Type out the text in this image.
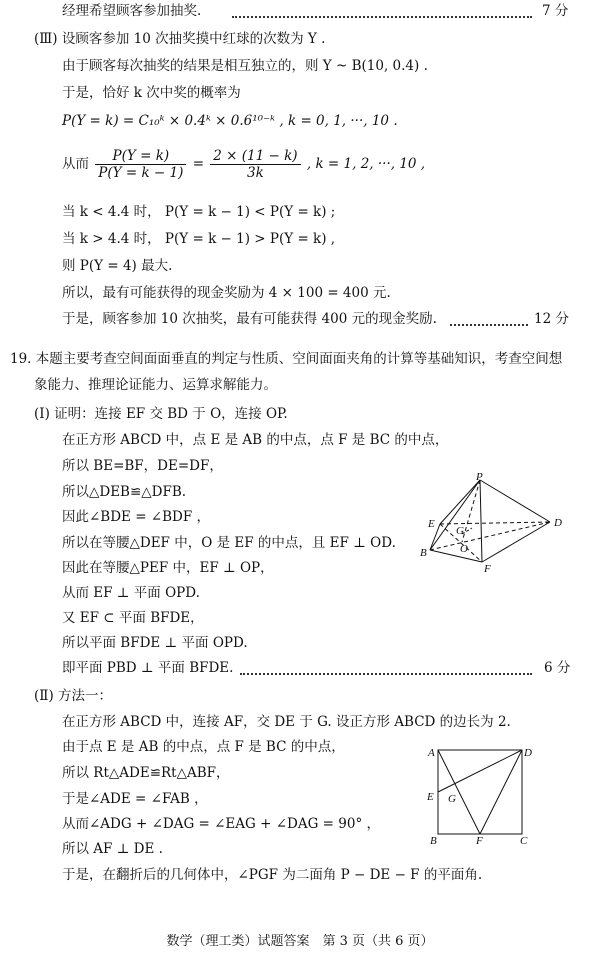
经理希望顾客参加抽奖.	7 分
(Ⅲ) 设顾客参加 10 次抽奖摸中红球的次数为 Y .
由于顾客每次抽奖的结果是相互独立的，则 Y ~ B(10, 0.4) .
于是，恰好 k 次中奖的概率为
P(Y = k) = C₁₀ᵏ × 0.4ᵏ × 0.6¹⁰⁻ᵏ , k = 0, 1, ···, 10 .
从而 $\frac{P(Y = k)}{P(Y = k - 1)} = \frac{2 \times (11 - k)}{3k}$ , k = 1, 2, ···, 10 ,
当 k < 4.4 时， P(Y = k − 1) < P(Y = k) ;
当 k > 4.4 时， P(Y = k − 1) > P(Y = k) ,
则 P(Y = 4) 最大.
所以，最有可能获得的现金奖励为 4 × 100 = 400 元.
于是，顾客参加 10 次抽奖，最有可能获得 400 元的现金奖励.	12 分
19. 本题主要考查空间面面垂直的判定与性质、空间面面夹角的计算等基础知识，考查空间想
象能力、推理论证能力、运算求解能力。
(Ⅰ) 证明：连接 EF 交 BD 于 O，连接 OP.
在正方形 ABCD 中，点 E 是 AB 的中点，点 F 是 BC 的中点，
所以 BE=BF，DE=DF，
所以△DEB≌△DFB.
因此∠BDE = ∠BDF ，
所以在等腰△DEF 中，O 是 EF 的中点，且 EF ⊥ OD.
因此在等腰△PEF 中，EF ⊥ OP，
从而 EF ⊥ 平面 OPD.
又 EF ⊂ 平面 BFDE，
所以平面 BFDE ⊥ 平面 OPD.
即平面 PBD ⊥ 平面 BFDE.	6 分
P
E	D
G
B	O
F
(Ⅱ) 方法一：
在正方形 ABCD 中，连接 AF，交 DE 于 G. 设正方形 ABCD 的边长为 2.
由于点 E 是 AB 的中点，点 F 是 BC 的中点，
所以 Rt△ADE≌Rt△ABF，
于是∠ADE = ∠FAB ，
从而∠ADG + ∠DAG = ∠EAG + ∠DAG = 90° ，
所以 AF ⊥ DE .
于是，在翻折后的几何体中，∠PGF 为二面角 P − DE − F 的平面角.
A	D
E G
B	F	C
数学（理工类）试题答案　第 3 页（共 6 页）
